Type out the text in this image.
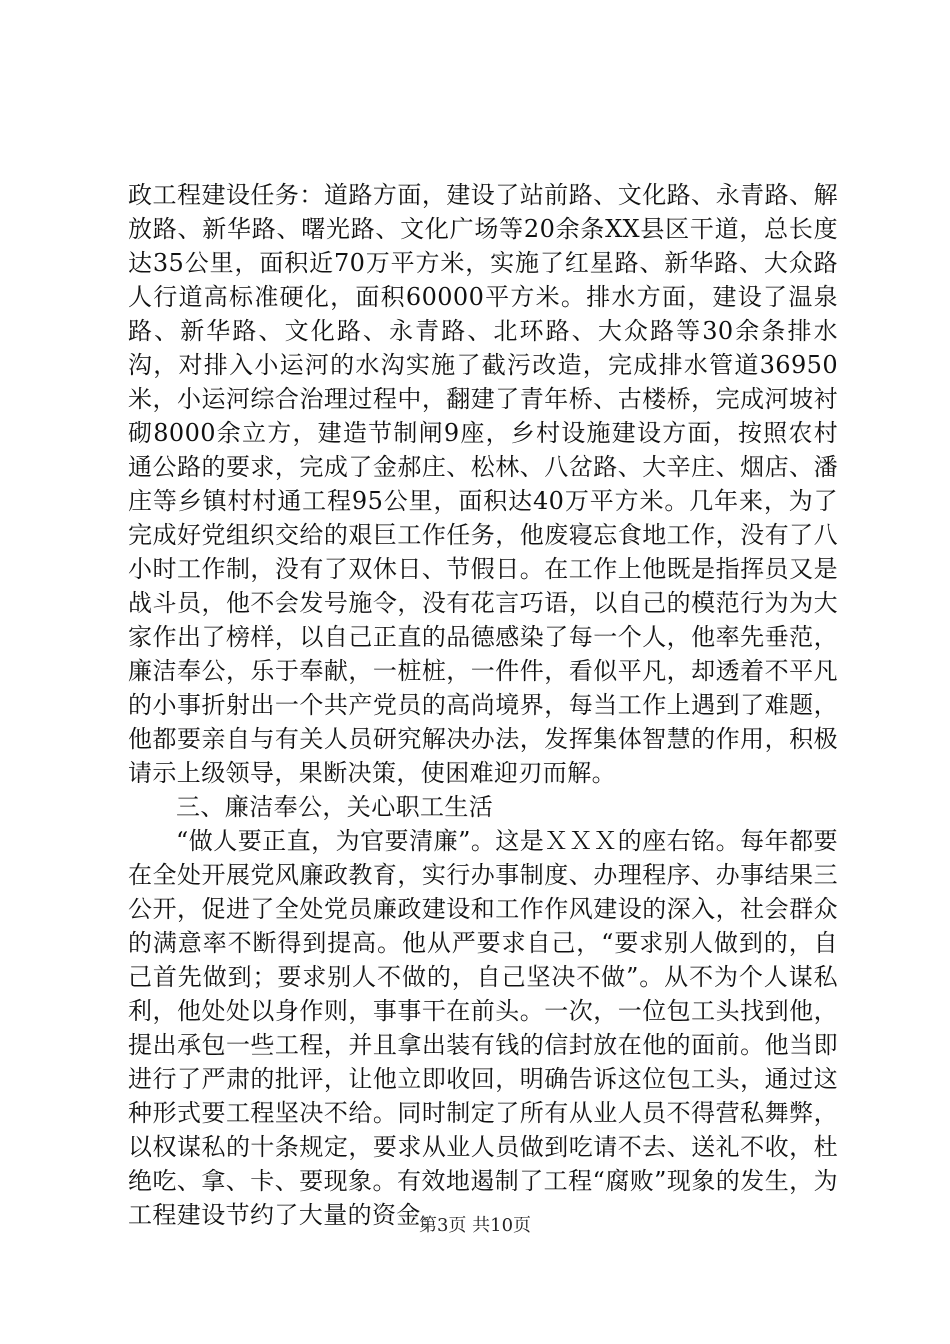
政工程建设任务：道路方面，建设了站前路、文化路、永青路、解放路、新华路、曙光路、文化广场等20余条XX县区干道，总长度达35公里，面积近70万平方米，实施了红星路、新华路、大众路人行道高标准硬化，面积60000平方米。排水方面，建设了温泉路、新华路、文化路、永青路、北环路、大众路等30余条排水沟，对排入小运河的水沟实施了截污改造，完成排水管道36950米，小运河综合治理过程中，翻建了青年桥、古楼桥，完成河坡衬砌8000余立方，建造节制闸9座，乡村设施建设方面，按照农村通公路的要求，完成了金郝庄、松林、八岔路、大辛庄、烟店、潘庄等乡镇村村通工程95公里，面积达40万平方米。几年来，为了完成好党组织交给的艰巨工作任务，他废寝忘食地工作，没有了八小时工作制，没有了双休日、节假日。在工作上他既是指挥员又是战斗员，他不会发号施令，没有花言巧语，以自己的模范行为为大家作出了榜样，以自己正直的品德感染了每一个人，他率先垂范，廉洁奉公，乐于奉献，一桩桩，一件件，看似平凡，却透着不平凡的小事折射出一个共产党员的高尚境界，每当工作上遇到了难题，他都要亲自与有关人员研究解决办法，发挥集体智慧的作用，积极请示上级领导，果断决策，使困难迎刃而解。

三、廉洁奉公，关心职工生活

“做人要正直，为官要清廉”。这是ＸＸＸ的座右铭。每年都要在全处开展党风廉政教育，实行办事制度、办理程序、办事结果三公开，促进了全处党员廉政建设和工作作风建设的深入，社会群众的满意率不断得到提高。他从严要求自己，“要求别人做到的，自己首先做到；要求别人不做的，自己坚决不做”。从不为个人谋私利，他处处以身作则，事事干在前头。一次，一位包工头找到他，提出承包一些工程，并且拿出装有钱的信封放在他的面前。他当即进行了严肃的批评，让他立即收回，明确告诉这位包工头，通过这种形式要工程坚决不给。同时制定了所有从业人员不得营私舞弊，以权谋私的十条规定，要求从业人员做到吃请不去、送礼不收，杜绝吃、拿、卡、要现象。有效地遏制了工程“腐败”现象的发生，为工程建设节约了大量的资金。

第3页 共10页
